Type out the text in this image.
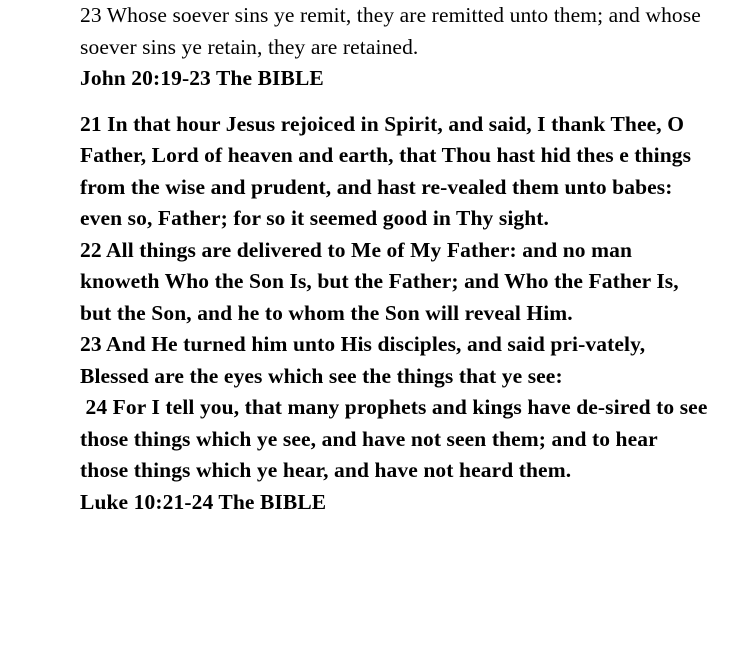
23 Whose soever sins ye remit, they are remitted unto them; and whose soever sins ye retain, they are retained.

John 20:19-23 The BIBLE

21 In that hour Jesus rejoiced in Spirit, and said, I thank Thee, O Father, Lord of heaven and earth, that Thou hast hid thes e things from the wise and prudent, and hast re-vealed them unto babes: even so, Father; for so it seemed good in Thy sight.

22 All things are delivered to Me of My Father: and no man knoweth Who the Son Is, but the Father; and Who the Father Is, but the Son, and he to whom the Son will reveal Him.

23 And He turned him unto His disciples, and said pri-vately, Blessed are the eyes which see the things that ye see:

24 For I tell you, that many prophets and kings have de-sired to see those things which ye see, and have not seen them; and to hear those things which ye hear, and have not heard them.

Luke 10:21-24 The BIBLE
